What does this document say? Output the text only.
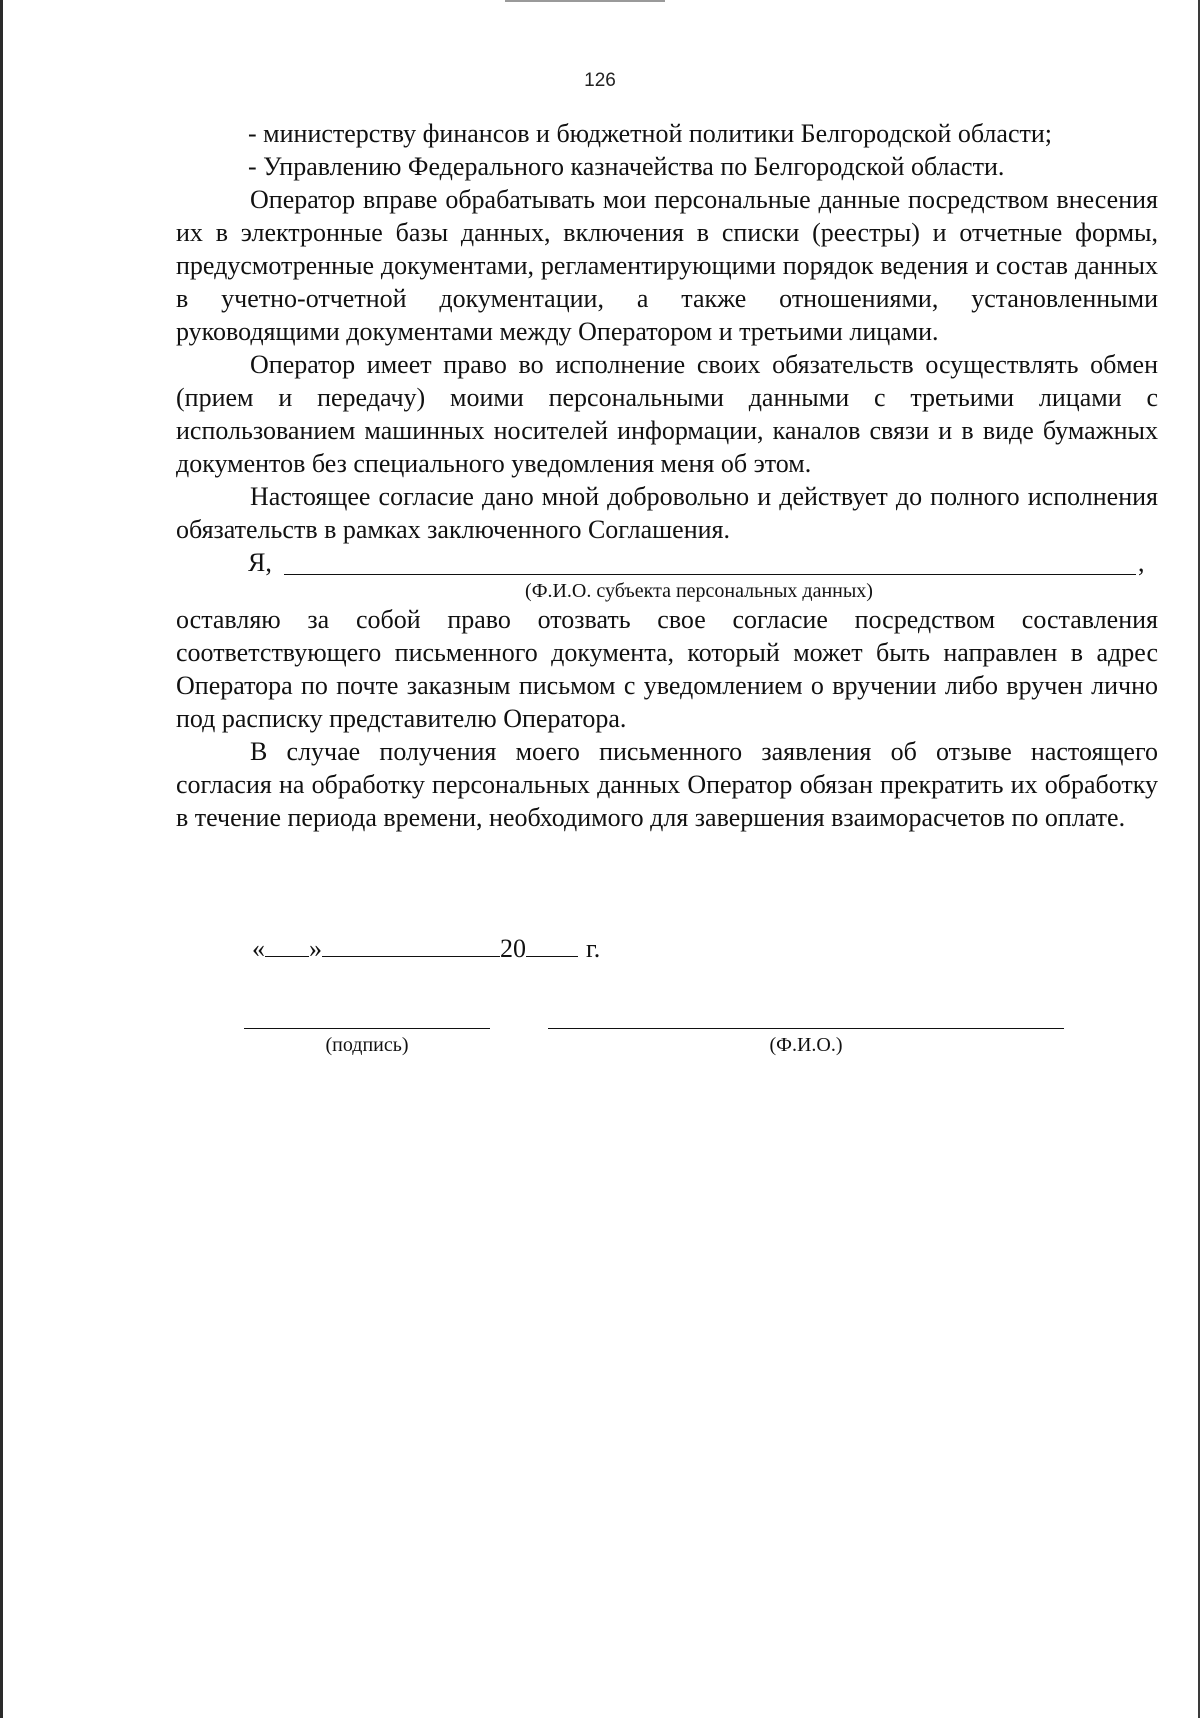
126

- министерству финансов и бюджетной политики Белгородской области;

- Управлению Федерального казначейства по Белгородской области.

Оператор вправе обрабатывать мои персональные данные посредством внесения их в электронные базы данных, включения в списки (реестры) и отчетные формы, предусмотренные документами, регламентирующими порядок ведения и состав данных в учетно-отчетной документации, а также отношениями, установленными руководящими документами между Оператором и третьими лицами.

Оператор имеет право во исполнение своих обязательств осуществлять обмен (прием и передачу) моими персональными данными с третьими лицами с использованием машинных носителей информации, каналов связи и в виде бумажных документов без специального уведомления меня об этом.

Настоящее согласие дано мной добровольно и действует до полного исполнения обязательств в рамках заключенного Соглашения.

Я,	,

(Ф.И.О. субъекта персональных данных)

оставляю за собой право отозвать свое согласие посредством составления соответствующего письменного документа, который может быть направлен в адрес Оператора по почте заказным письмом с уведомлением о вручении либо вручен лично под расписку представителю Оператора.

В случае получения моего письменного заявления об отзыве настоящего согласия на обработку персональных данных Оператор обязан прекратить их обработку в течение периода времени, необходимого для завершения взаиморасчетов по оплате.

« »	20 г.
(подпись)	(Ф.И.О.)
